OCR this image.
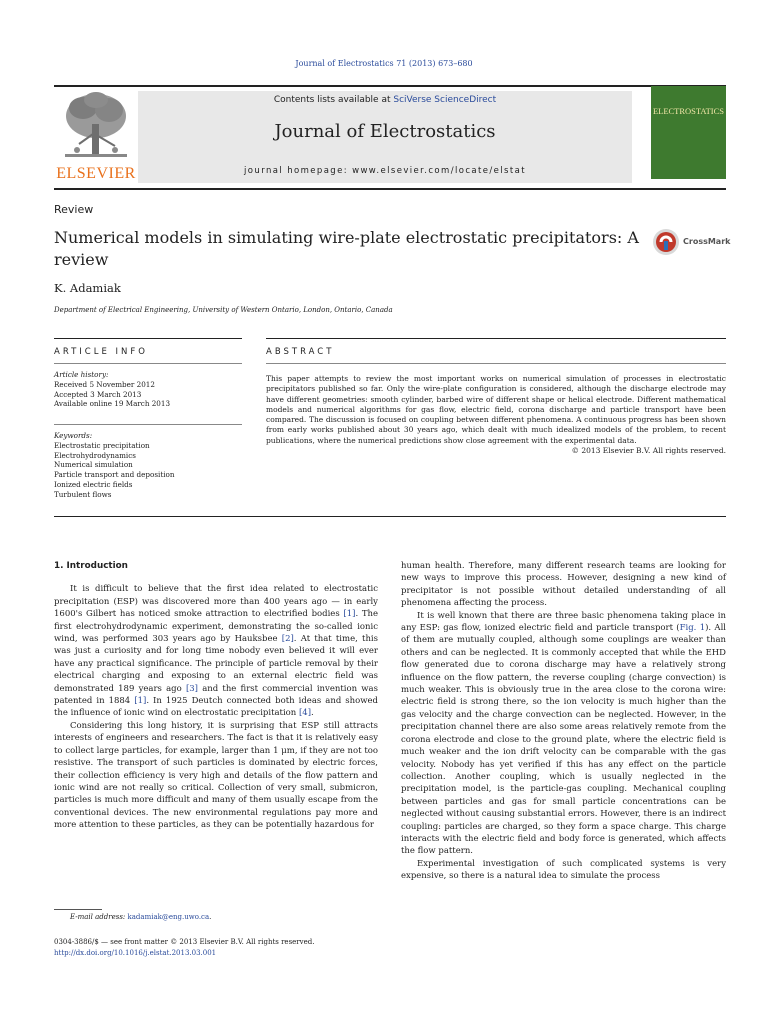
Journal of Electrostatics 71 (2013) 673–680
ELSEVIER
Contents lists available at SciVerse ScienceDirect
Journal of Electrostatics
journal homepage: www.elsevier.com/locate/elstat
ELECTROSTATICS
Review
Numerical models in simulating wire-plate electrostatic precipitators: A review
CrossMark
K. Adamiak
Department of Electrical Engineering, University of Western Ontario, London, Ontario, Canada
ARTICLE INFO
Article history:
Received 5 November 2012
Accepted 3 March 2013
Available online 19 March 2013
Keywords:
Electrostatic precipitation
Electrohydrodynamics
Numerical simulation
Particle transport and deposition
Ionized electric fields
Turbulent flows
ABSTRACT
This paper attempts to review the most important works on numerical simulation of processes in electrostatic precipitators published so far. Only the wire-plate configuration is considered, although the discharge electrode may have different geometries: smooth cylinder, barbed wire of different shape or helical electrode. Different mathematical models and numerical algorithms for gas flow, electric field, corona discharge and particle transport have been compared. The discussion is focused on coupling between different phenomena. A continuous progress has been shown from early works published about 30 years ago, which dealt with much idealized models of the problem, to recent publications, where the numerical predictions show close agreement with the experimental data.
© 2013 Elsevier B.V. All rights reserved.
1. Introduction

It is difficult to believe that the first idea related to electrostatic precipitation (ESP) was discovered more than 400 years ago — in early 1600's Gilbert has noticed smoke attraction to electrified bodies [1]. The first electrohydrodynamic experiment, demonstrating the so-called ionic wind, was performed 303 years ago by Hauksbee [2]. At that time, this was just a curiosity and for long time nobody even believed it will ever have any practical significance. The principle of particle removal by their electrical charging and exposing to an external electric field was demonstrated 189 years ago [3] and the first commercial invention was patented in 1884 [1]. In 1925 Deutch connected both ideas and showed the influence of ionic wind on electrostatic precipitation [4].

Considering this long history, it is surprising that ESP still attracts interests of engineers and researchers. The fact is that it is relatively easy to collect large particles, for example, larger than 1 μm, if they are not too resistive. The transport of such particles is dominated by electric forces, their collection efficiency is very high and details of the flow pattern and ionic wind are not really so critical. Collection of very small, submicron, particles is much more difficult and many of them usually escape from the conventional devices. The new environmental regulations pay more and more attention to these particles, as they can be potentially hazardous for

human health. Therefore, many different research teams are looking for new ways to improve this process. However, designing a new kind of precipitator is not possible without detailed understanding of all phenomena affecting the process.

It is well known that there are three basic phenomena taking place in any ESP: gas flow, ionized electric field and particle transport (Fig. 1). All of them are mutually coupled, although some couplings are weaker than others and can be neglected. It is commonly accepted that while the EHD flow generated due to corona discharge may have a relatively strong influence on the flow pattern, the reverse coupling (charge convection) is much weaker. This is obviously true in the area close to the corona wire: electric field is strong there, so the ion velocity is much higher than the gas velocity and the charge convection can be neglected. However, in the precipitation channel there are also some areas relatively remote from the corona electrode and close to the ground plate, where the electric field is much weaker and the ion drift velocity can be comparable with the gas velocity. Nobody has yet verified if this has any effect on the particle collection. Another coupling, which is usually neglected in the precipitation model, is the particle-gas coupling. Mechanical coupling between particles and gas for small particle concentrations can be neglected without causing substantial errors. However, there is an indirect coupling: particles are charged, so they form a space charge. This charge interacts with the electric field and body force is generated, which affects the flow pattern.

Experimental investigation of such complicated systems is very expensive, so there is a natural idea to simulate the process

E-mail address: kadamiak@eng.uwo.ca.
0304-3886/$ — see front matter © 2013 Elsevier B.V. All rights reserved.
http://dx.doi.org/10.1016/j.elstat.2013.03.001
